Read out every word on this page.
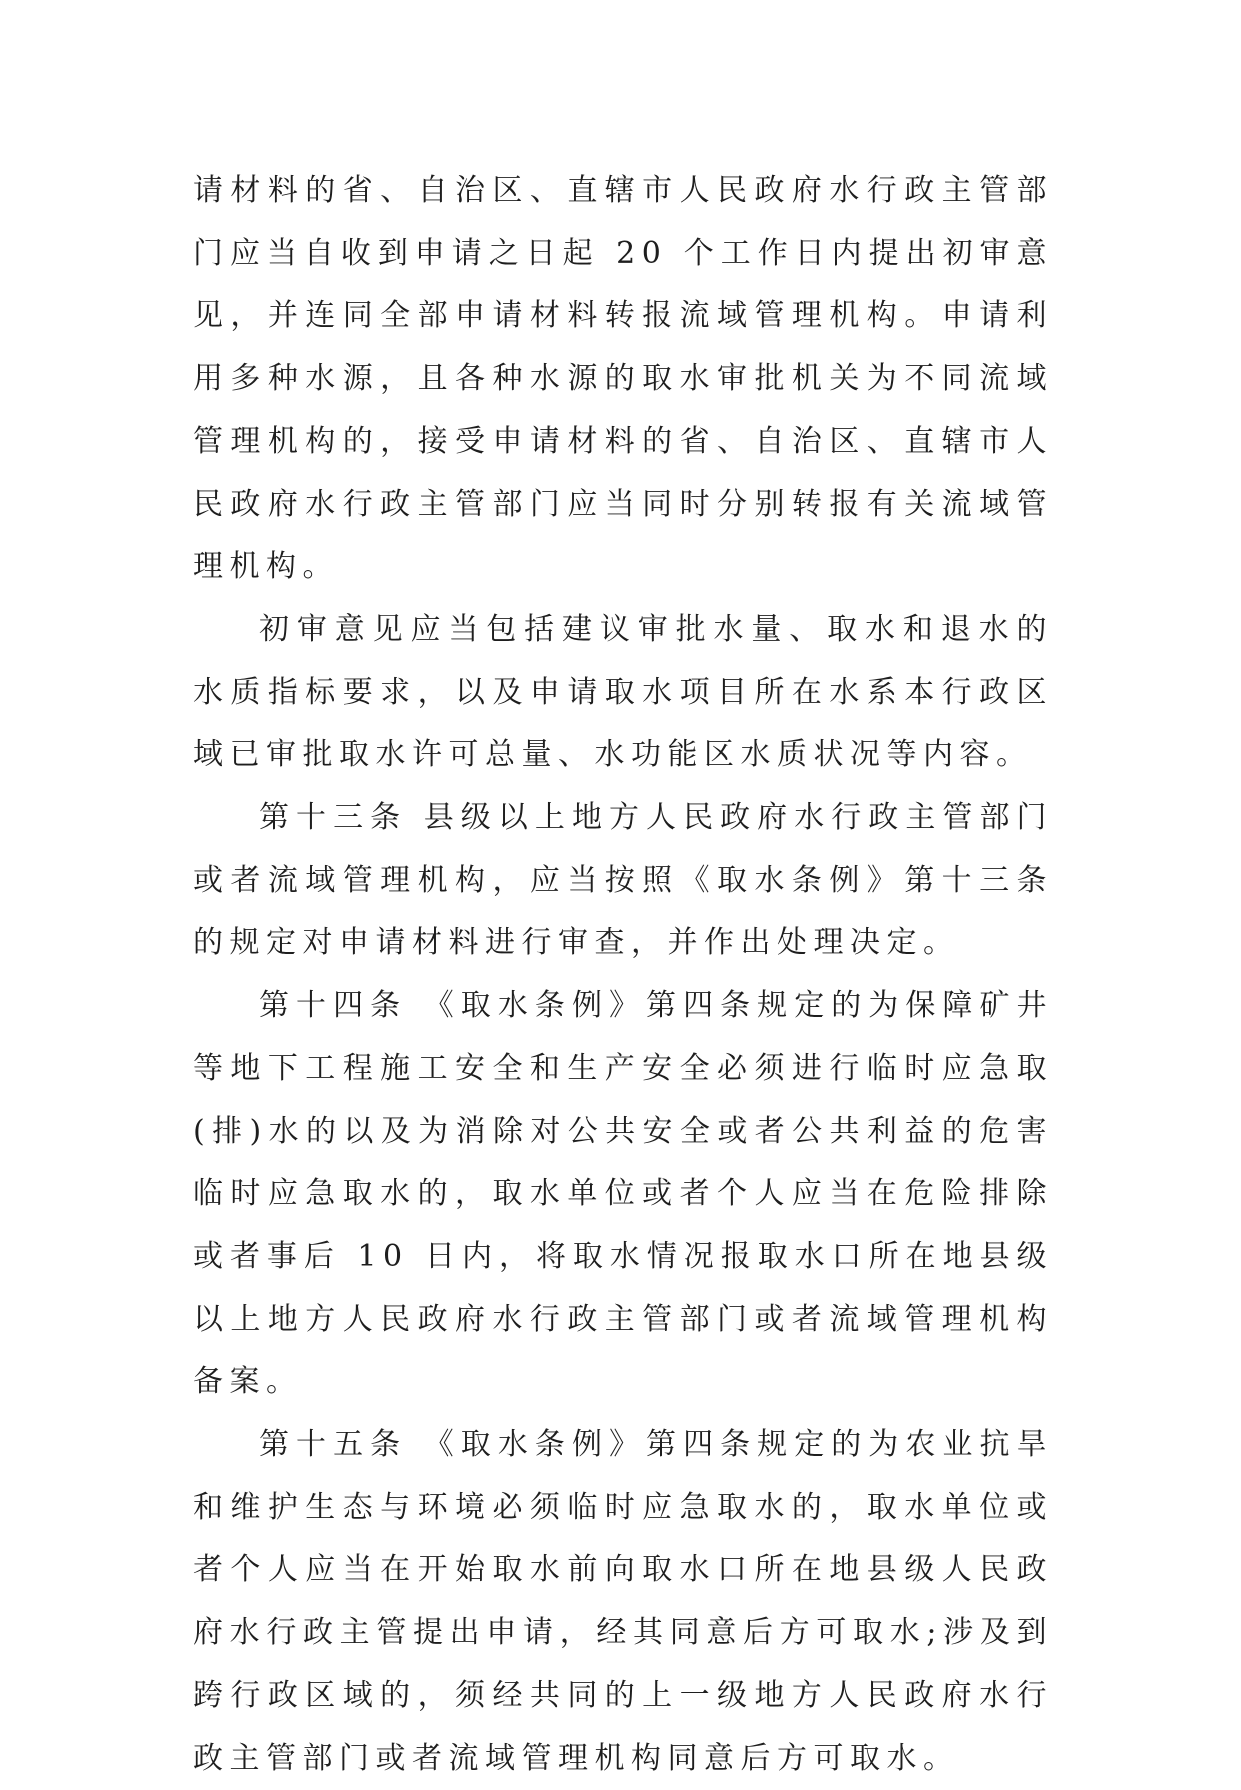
请材料的省、自治区、直辖市人民政府水行政主管部门应当自收到申请之日起 20 个工作日内提出初审意见，并连同全部申请材料转报流域管理机构。申请利用多种水源，且各种水源的取水审批机关为不同流域管理机构的，接受申请材料的省、自治区、直辖市人民政府水行政主管部门应当同时分别转报有关流域管理机构。

初审意见应当包括建议审批水量、取水和退水的水质指标要求，以及申请取水项目所在水系本行政区域已审批取水许可总量、水功能区水质状况等内容。

第十三条 县级以上地方人民政府水行政主管部门或者流域管理机构，应当按照《取水条例》第十三条的规定对申请材料进行审查，并作出处理决定。

第十四条 《取水条例》第四条规定的为保障矿井等地下工程施工安全和生产安全必须进行临时应急取(排)水的以及为消除对公共安全或者公共利益的危害临时应急取水的，取水单位或者个人应当在危险排除或者事后 10 日内，将取水情况报取水口所在地县级以上地方人民政府水行政主管部门或者流域管理机构备案。

第十五条 《取水条例》第四条规定的为农业抗旱和维护生态与环境必须临时应急取水的，取水单位或者个人应当在开始取水前向取水口所在地县级人民政府水行政主管提出申请，经其同意后方可取水;涉及到跨行政区域的，须经共同的上一级地方人民政府水行政主管部门或者流域管理机构同意后方可取水。
